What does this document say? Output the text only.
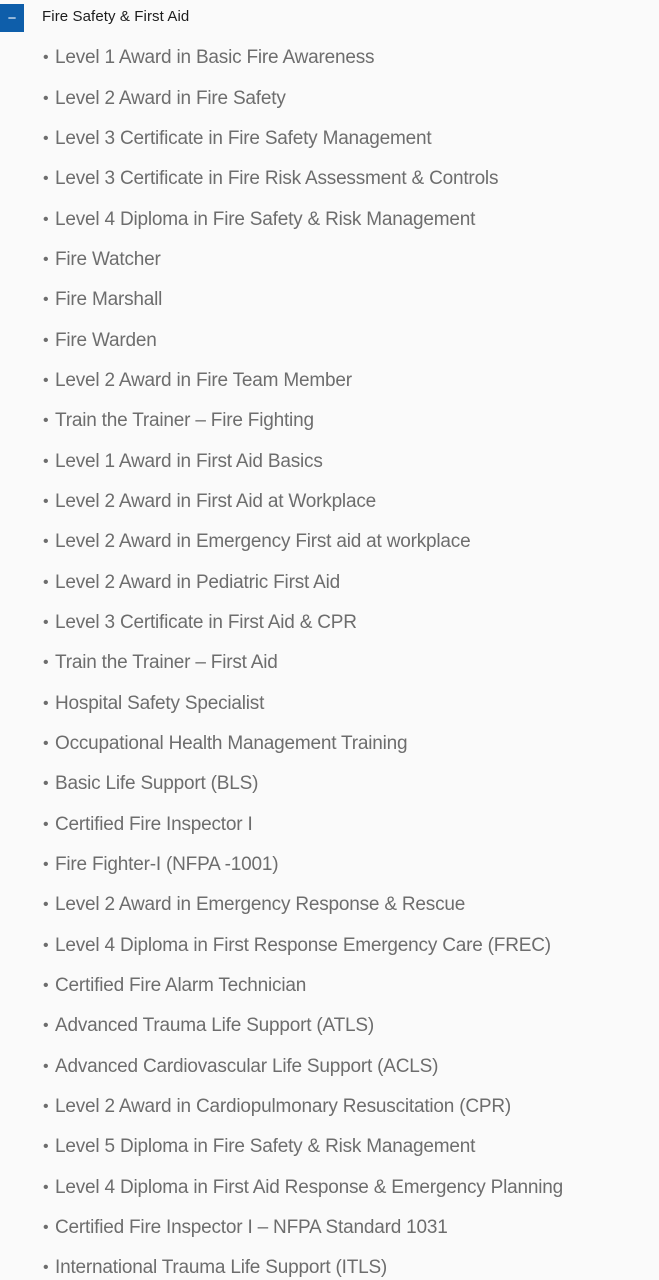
− Fire Safety & First Aid
• Level 1 Award in Basic Fire Awareness
• Level 2 Award in Fire Safety
• Level 3 Certificate in Fire Safety Management
• Level 3 Certificate in Fire Risk Assessment & Controls
• Level 4 Diploma in Fire Safety & Risk Management
• Fire Watcher
• Fire Marshall
• Fire Warden
• Level 2 Award in Fire Team Member
• Train the Trainer – Fire Fighting
• Level 1 Award in First Aid Basics
• Level 2 Award in First Aid at Workplace
• Level 2 Award in Emergency First aid at workplace
• Level 2 Award in Pediatric First Aid
• Level 3 Certificate in First Aid & CPR
• Train the Trainer – First Aid
• Hospital Safety Specialist
• Occupational Health Management Training
• Basic Life Support (BLS)
• Certified Fire Inspector I
• Fire Fighter-I (NFPA -1001)
• Level 2 Award in Emergency Response & Rescue
• Level 4 Diploma in First Response Emergency Care (FREC)
• Certified Fire Alarm Technician
• Advanced Trauma Life Support (ATLS)
• Advanced Cardiovascular Life Support (ACLS)
• Level 2 Award in Cardiopulmonary Resuscitation (CPR)
• Level 5 Diploma in Fire Safety & Risk Management
• Level 4 Diploma in First Aid Response & Emergency Planning
• Certified Fire Inspector I – NFPA Standard 1031
• International Trauma Life Support (ITLS)
